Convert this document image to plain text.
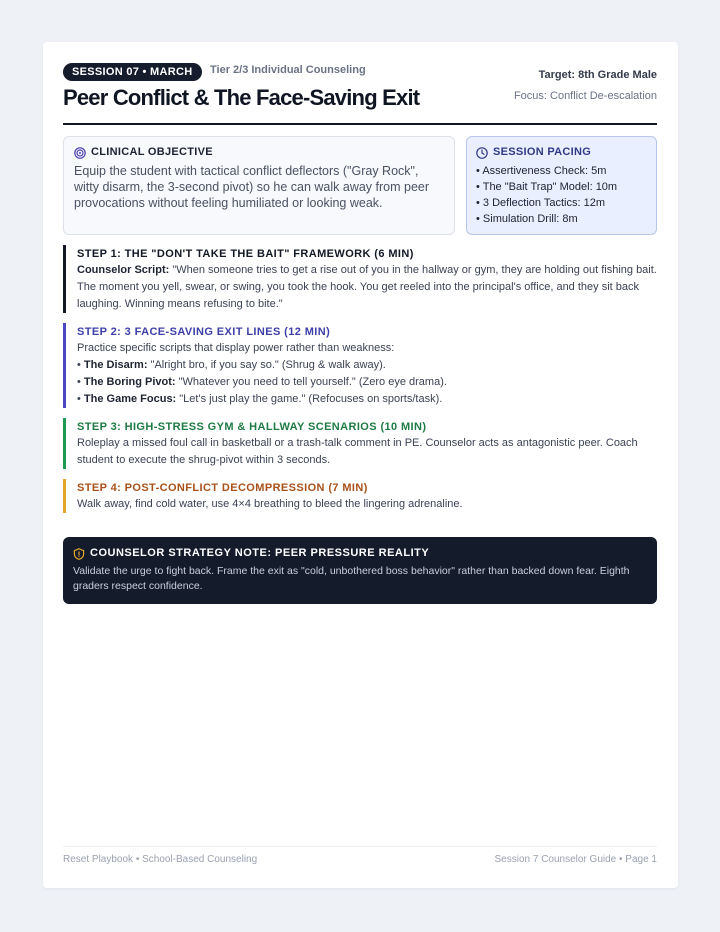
SESSION 07 • MARCH	Tier 2/3 Individual Counseling
Peer Conflict & The Face-Saving Exit
Target: 8th Grade Male
Focus: Conflict De-escalation
CLINICAL OBJECTIVE

Equip the student with tactical conflict deflectors ("Gray Rock", witty disarm, the 3-second pivot) so he can walk away from peer provocations without feeling humiliated or looking weak.

SESSION PACING
• Assertiveness Check: 5m
• The "Bait Trap" Model: 10m
• 3 Deflection Tactics: 12m
• Simulation Drill: 8m
STEP 1: THE "DON'T TAKE THE BAIT" FRAMEWORK (6 MIN)

Counselor Script: "When someone tries to get a rise out of you in the hallway or gym, they are holding out fishing bait. The moment you yell, swear, or swing, you took the hook. You get reeled into the principal's office, and they sit back laughing. Winning means refusing to bite."

STEP 2: 3 FACE-SAVING EXIT LINES (12 MIN)

Practice specific scripts that display power rather than weakness:

• The Disarm: "Alright bro, if you say so." (Shrug & walk away).
• The Boring Pivot: "Whatever you need to tell yourself." (Zero eye drama).
• The Game Focus: "Let's just play the game." (Refocuses on sports/task).
STEP 3: HIGH-STRESS GYM & HALLWAY SCENARIOS (10 MIN)

Roleplay a missed foul call in basketball or a trash-talk comment in PE. Counselor acts as antagonistic peer. Coach student to execute the shrug-pivot within 3 seconds.

STEP 4: POST-CONFLICT DECOMPRESSION (7 MIN)

Walk away, find cold water, use 4×4 breathing to bleed the lingering adrenaline.

COUNSELOR STRATEGY NOTE: PEER PRESSURE REALITY

Validate the urge to fight back. Frame the exit as "cold, unbothered boss behavior" rather than backed down fear. Eighth graders respect confidence.

Reset Playbook • School-Based Counseling	Session 7 Counselor Guide • Page 1
